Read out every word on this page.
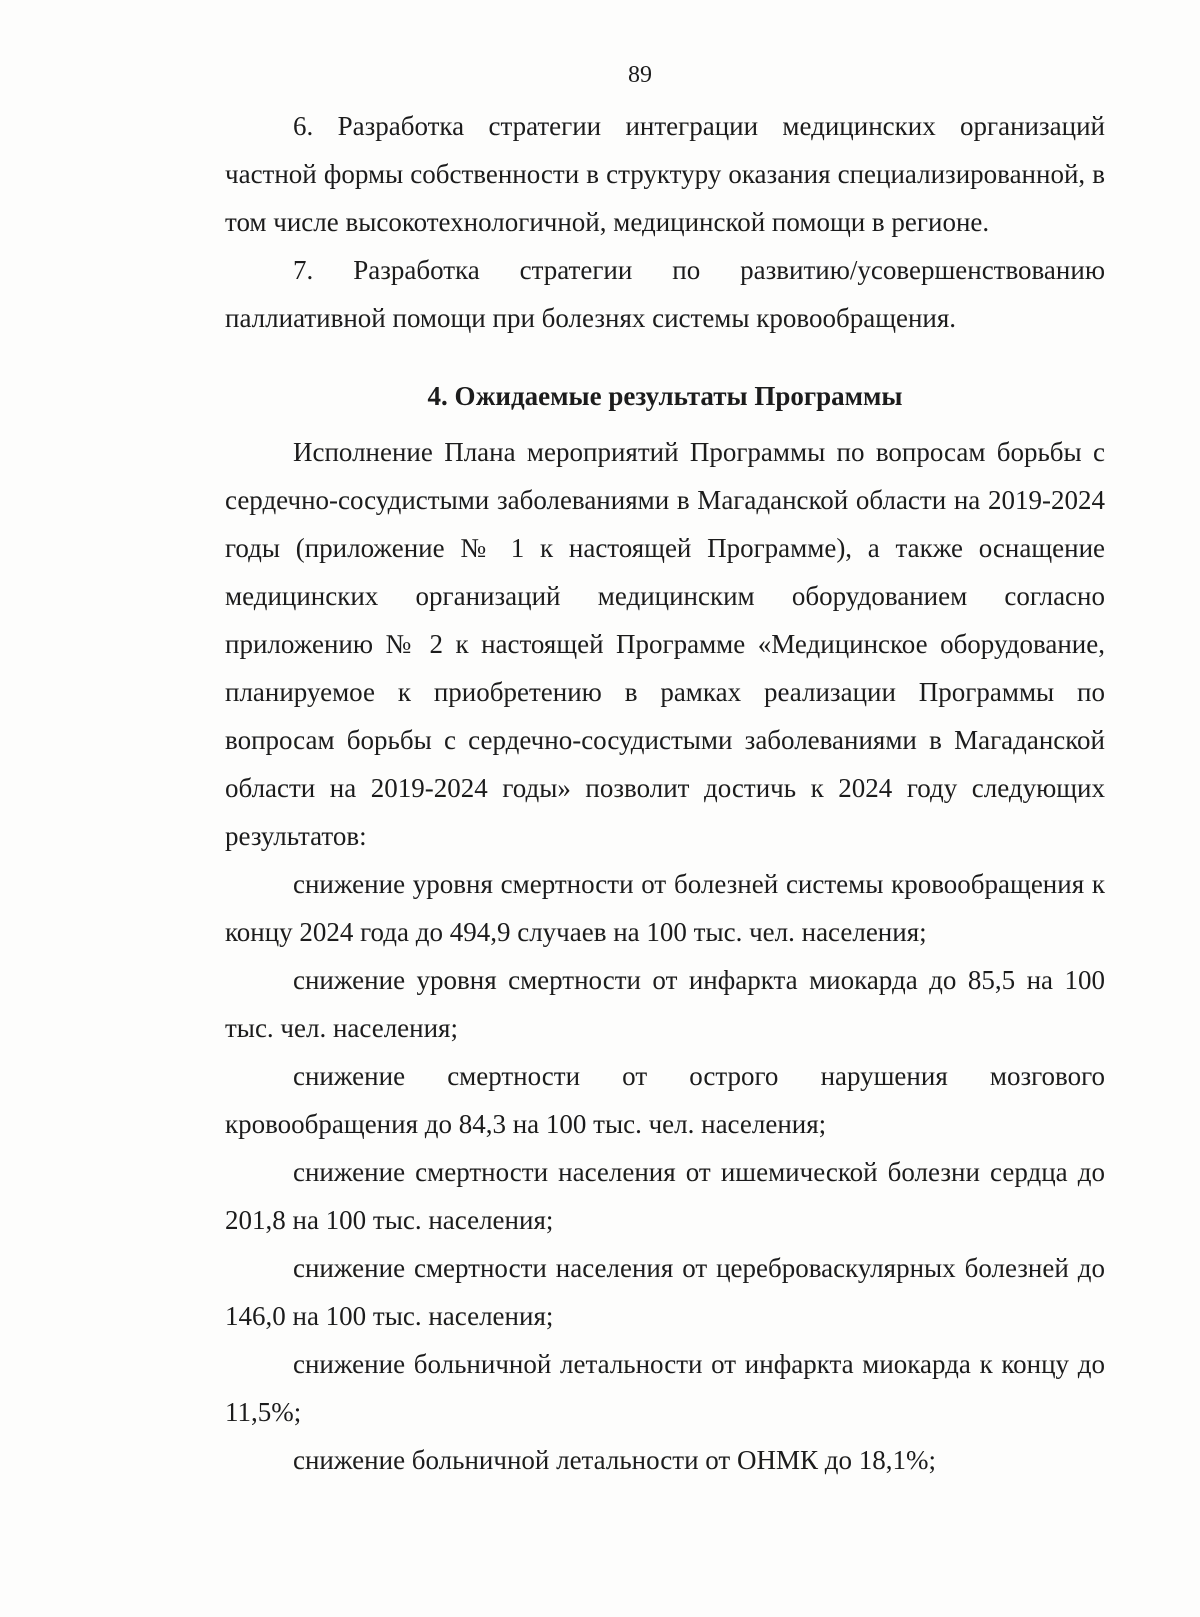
89

6. Разработка стратегии интеграции медицинских организаций частной формы собственности в структуру оказания специализированной, в том числе высокотехнологичной, медицинской помощи в регионе.

7. Разработка стратегии по развитию/усовершенствованию

паллиативной помощи при болезнях системы кровообращения.

4. Ожидаемые результаты Программы

Исполнение Плана мероприятий Программы по вопросам борьбы с сердечно-сосудистыми заболеваниями в Магаданской области на 2019-2024 годы (приложение № 1 к настоящей Программе), а также оснащение медицинских организаций медицинским оборудованием согласно приложению № 2 к настоящей Программе «Медицинское оборудование, планируемое к приобретению в рамках реализации Программы по вопросам борьбы с сердечно-сосудистыми заболеваниями в Магаданской области на 2019-2024 годы» позволит достичь к 2024 году следующих результатов:

снижение уровня смертности от болезней системы кровообращения к концу 2024 года до 494,9 случаев на 100 тыс. чел. населения;

снижение уровня смертности от инфаркта миокарда до 85,5 на 100 тыс. чел. населения;

снижение смертности от острого нарушения мозгового

кровообращения до 84,3 на 100 тыс. чел. населения;

снижение смертности населения от ишемической болезни сердца до 201,8 на 100 тыс. населения;

снижение смертности населения от цереброваскулярных болезней до 146,0 на 100 тыс. населения;

снижение больничной летальности от инфаркта миокарда к концу до 11,5%;

снижение больничной летальности от ОНМК до 18,1%;
